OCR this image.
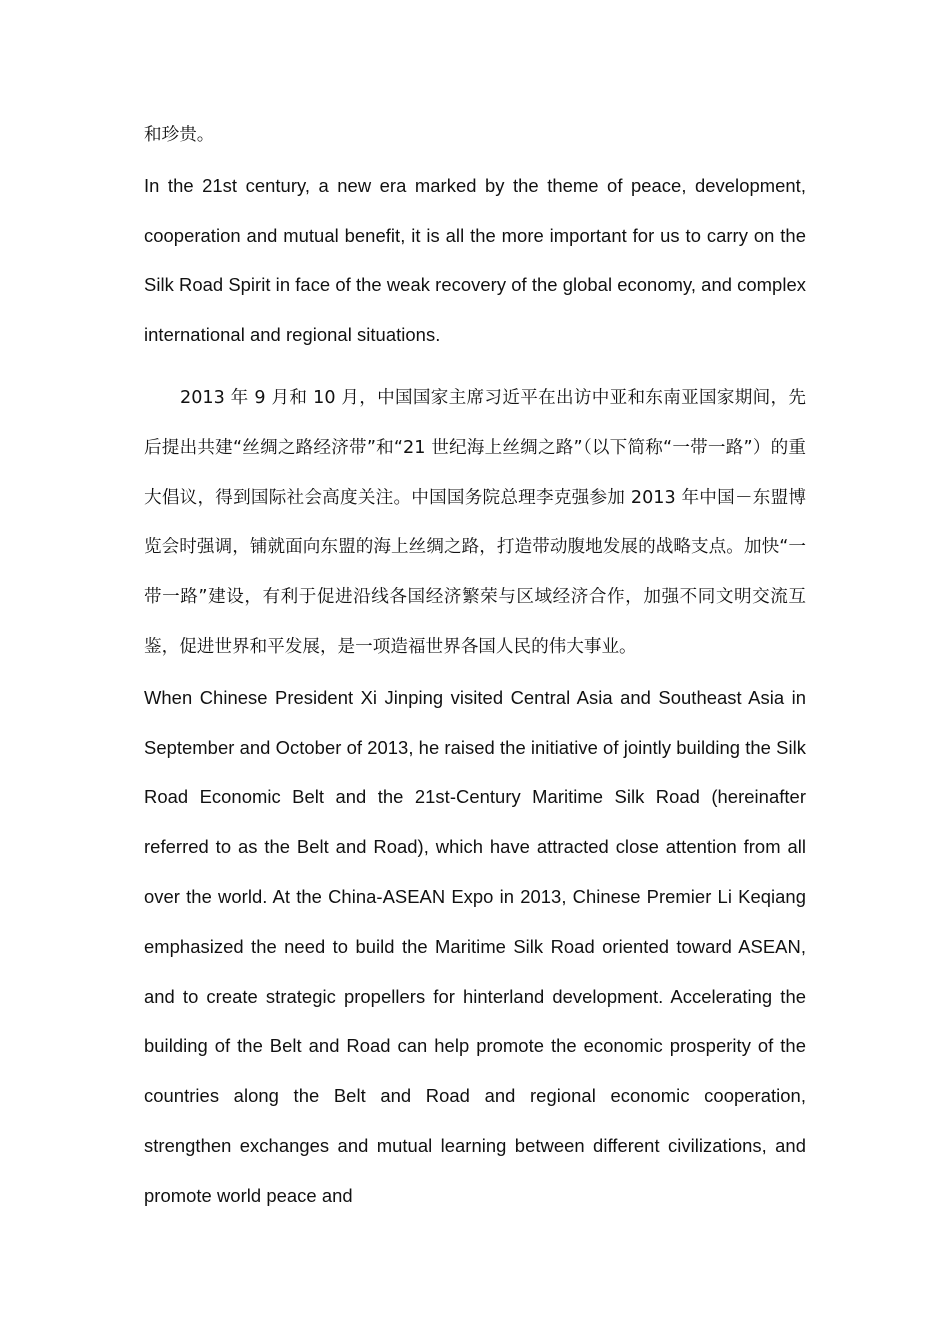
和珍贵。

In the 21st century, a new era marked by the theme of peace, development, cooperation and mutual benefit, it is all the more important for us to carry on the Silk Road Spirit in face of the weak recovery of the global economy, and complex international and regional situations.

2013 年 9 月和 10 月，中国国家主席习近平在出访中亚和东南亚国家期间，先后提出共建“丝绸之路经济带”和“21 世纪海上丝绸之路”（以下简称“一带一路”）的重大倡议，得到国际社会高度关注。中国国务院总理李克强参加 2013 年中国－东盟博览会时强调，铺就面向东盟的海上丝绸之路，打造带动腹地发展的战略支点。加快“一带一路”建设，有利于促进沿线各国经济繁荣与区域经济合作，加强不同文明交流互鉴，促进世界和平发展，是一项造福世界各国人民的伟大事业。

When Chinese President Xi Jinping visited Central Asia and Southeast Asia in September and October of 2013, he raised the initiative of jointly building the Silk Road Economic Belt and the 21st-Century Maritime Silk Road (hereinafter referred to as the Belt and Road), which have attracted close attention from all over the world. At the China-ASEAN Expo in 2013, Chinese Premier Li Keqiang emphasized the need to build the Maritime Silk Road oriented toward ASEAN, and to create strategic propellers for hinterland development. Accelerating the building of the Belt and Road can help promote the economic prosperity of the countries along the Belt and Road and regional economic cooperation, strengthen exchanges and mutual learning between different civilizations, and promote world peace and
